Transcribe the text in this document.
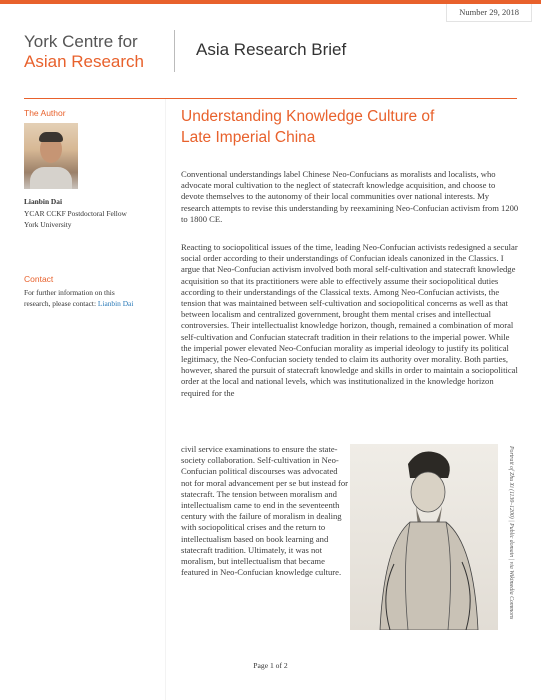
Number 29, 2018
York Centre for
Asian Research
Asia Research Brief
The Author
Lianbin Dai
YCAR CCKF Postdoctoral Fellow
York University
Contact
For further information on this
research, please contact: Lianbin Dai
Understanding Knowledge Culture of
Late Imperial China

Conventional understandings label Chinese Neo-Confucians as moralists and localists, who advocate moral cultivation to the neglect of statecraft knowledge acquisition, and choose to devote themselves to the autonomy of their local communities over national interests. My research attempts to revise this understanding by reexamining Neo-Confucian activism from 1200 to 1800 CE.

Reacting to sociopolitical issues of the time, leading Neo-Confucian activists redesigned a secular social order according to their understandings of Confucian ideals canonized in the Classics. I argue that Neo-Confucian activism involved both moral self-cultivation and statecraft knowledge acquisition so that its practitioners were able to effectively assume their sociopolitical duties according to their understandings of the Classical texts. Among Neo-Confucian activists, the tension that was maintained between self-cultivation and sociopolitical concerns as well as that between localism and centralized government, brought them mental crises and intellectual controversies. Their intellectualist knowledge horizon, though, remained a combination of moral self-cultivation and Confucian statecraft tradition in their relations to the imperial power. While the imperial power elevated Neo-Confucian morality as imperial ideology to justify its political legitimacy, the Neo-Confucian society tended to claim its authority over morality. Both parties, however, shared the pursuit of statecraft knowledge and skills in order to maintain a sociopolitical order at the local and national levels, which was institutionalized in the knowledge horizon required for the

civil service examinations to ensure the state-society collaboration. Self-cultivation in Neo-Confucian political discourses was advocated not for moral advancement per se but instead for statecraft. The tension between moralism and intellectualism came to end in the seventeenth century with the failure of moralism in dealing with sociopolitical crises and the return to intellectualism based on book learning and statecraft tradition. Ultimately, it was not moralism, but intellectualism that became featured in Neo-Confucian knowledge culture.	Portrait of Zhu Xi (1130–1200) | Public domain | via Wikimedia Commons
Page 1 of 2
